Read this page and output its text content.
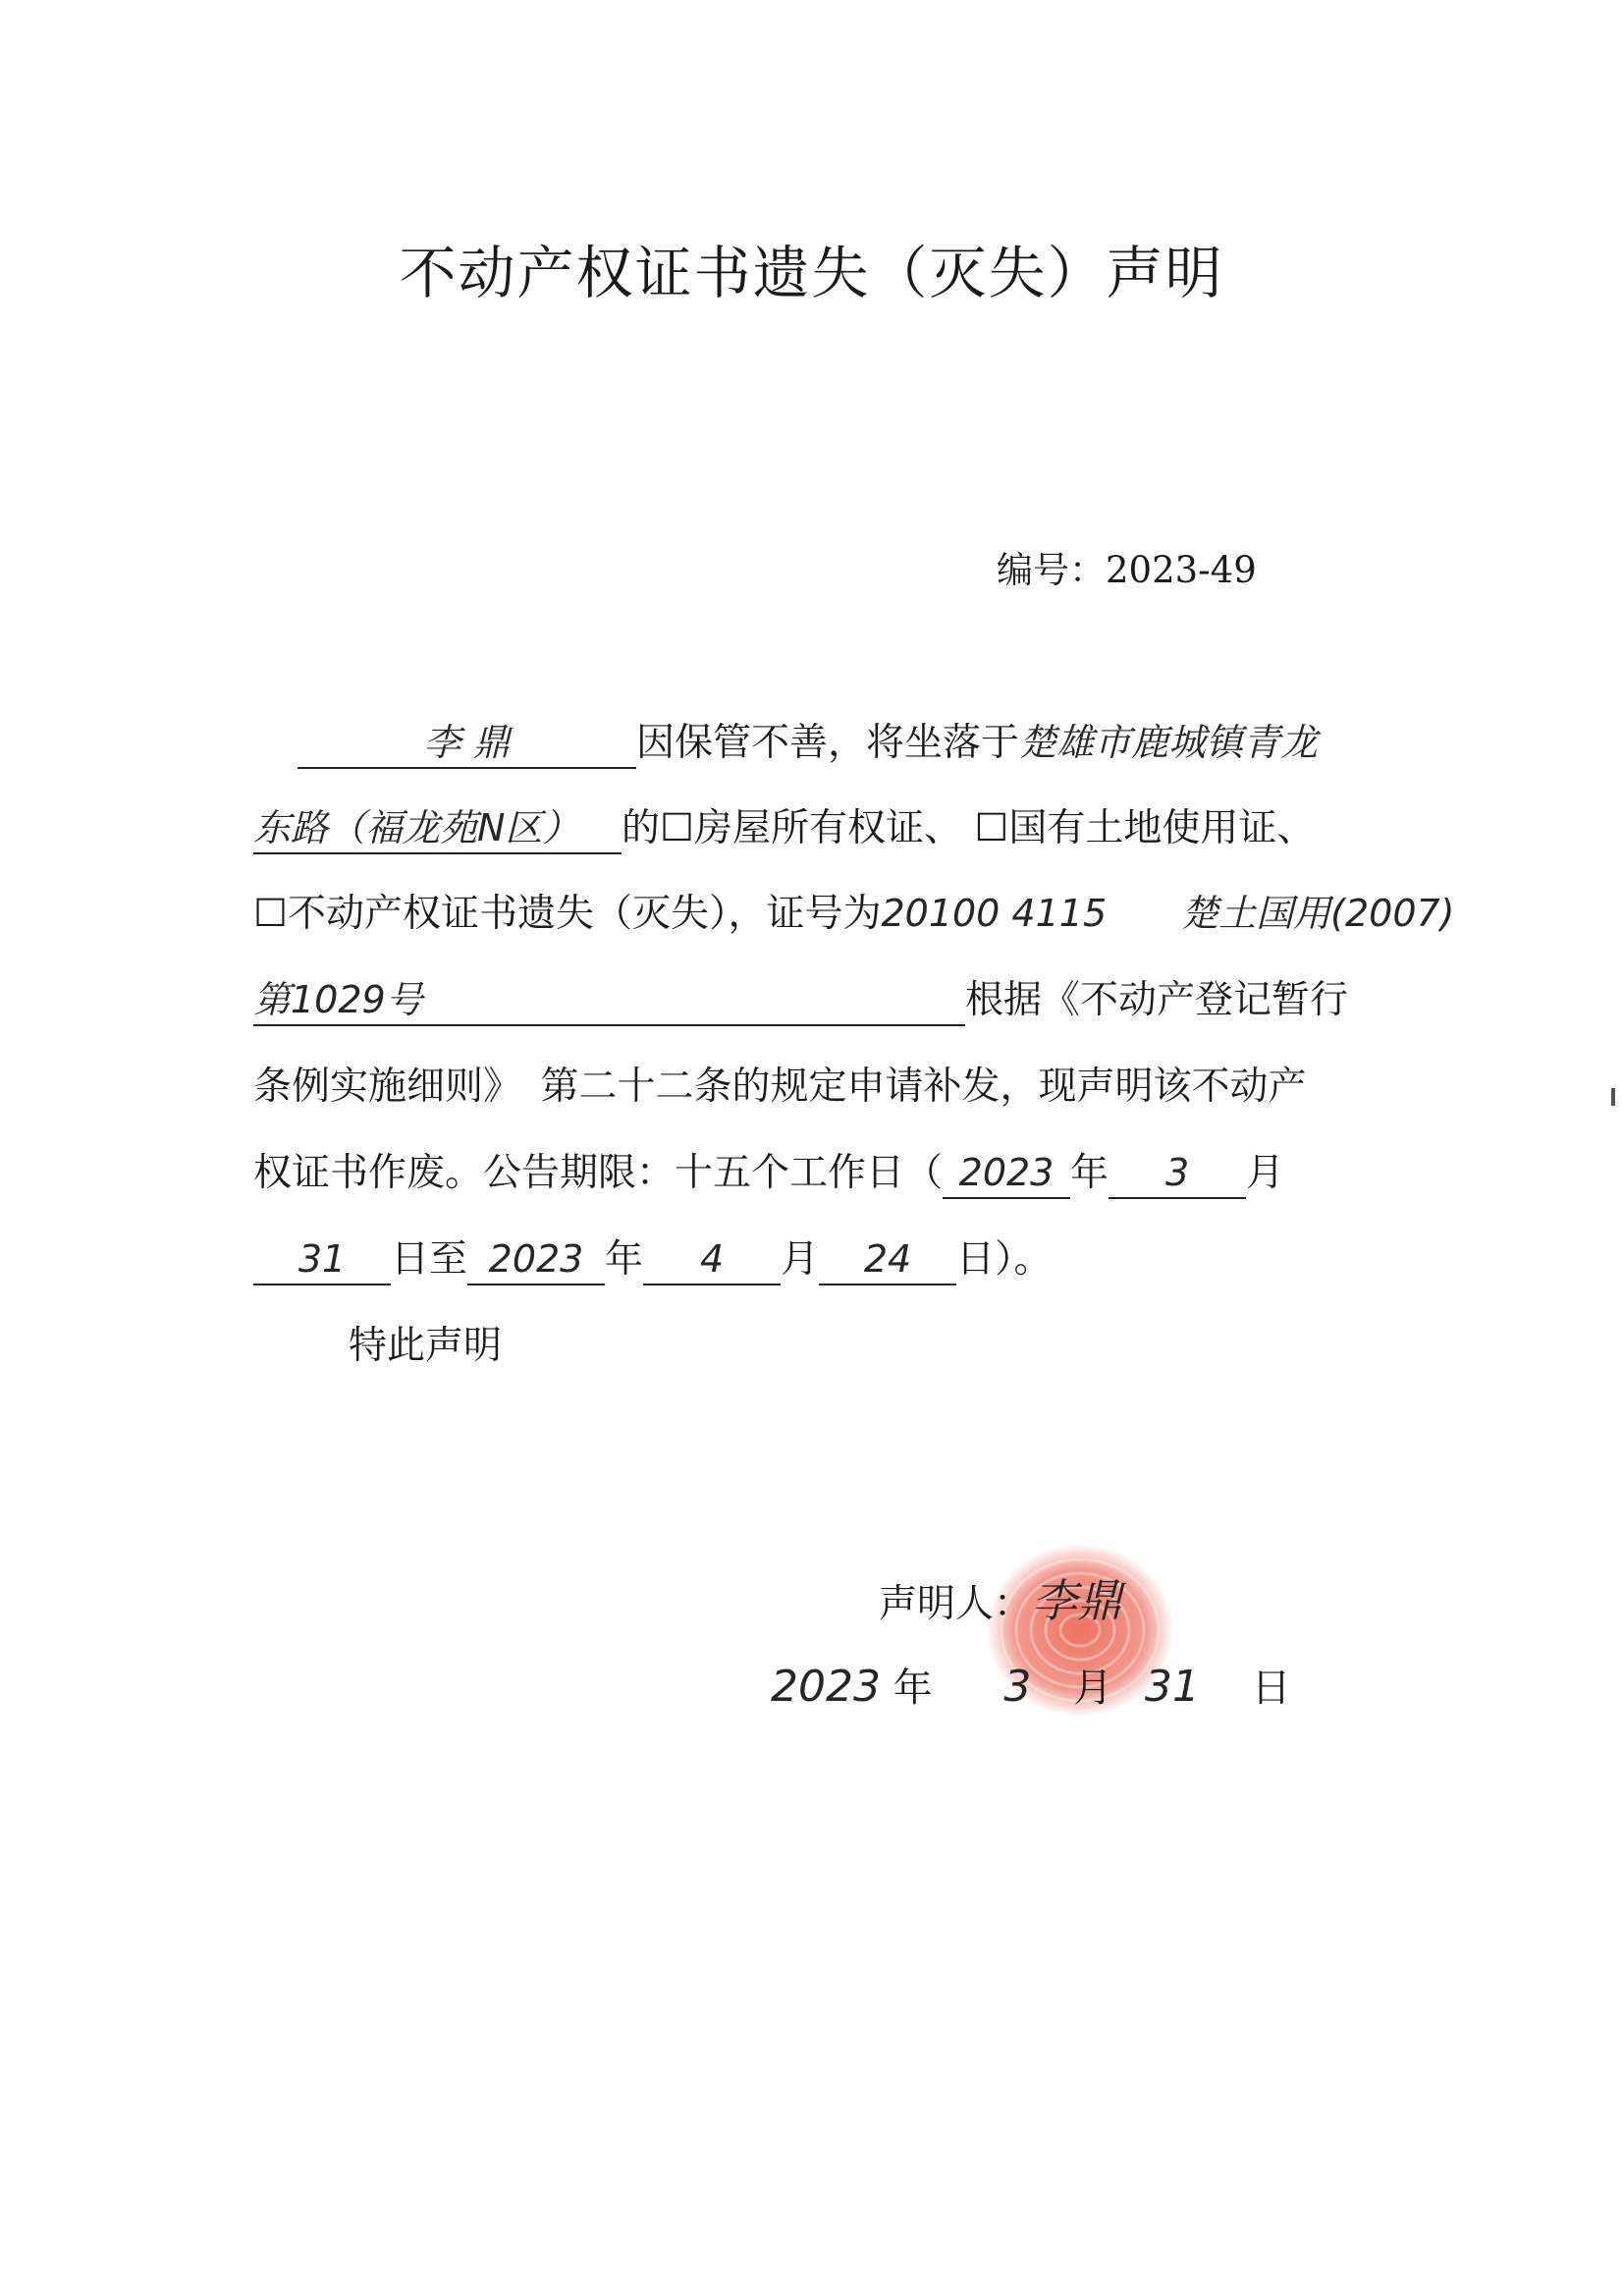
不动产权证书遗失（灭失）声明
编号：2023-49
李 鼎	因保管不善，将坐落于楚雄市鹿城镇青龙
东路（福龙苑N区） 的☐房屋所有权证、 ☐国有土地使用证、
☐不动产权证书遗失（灭失），证号为20100 4115　　楚土国用(2007)
第1029号	根据《不动产登记暂行
条例实施细则》　第二十二条的规定申请补发，现声明该不动产
权证书作废。公告期限：十五个工作日（ 2023 年 3 月
31 日至 2023 年 4 月 24 日）。
特此声明
声明人：李鼎
2023 年 3 月 31 日
